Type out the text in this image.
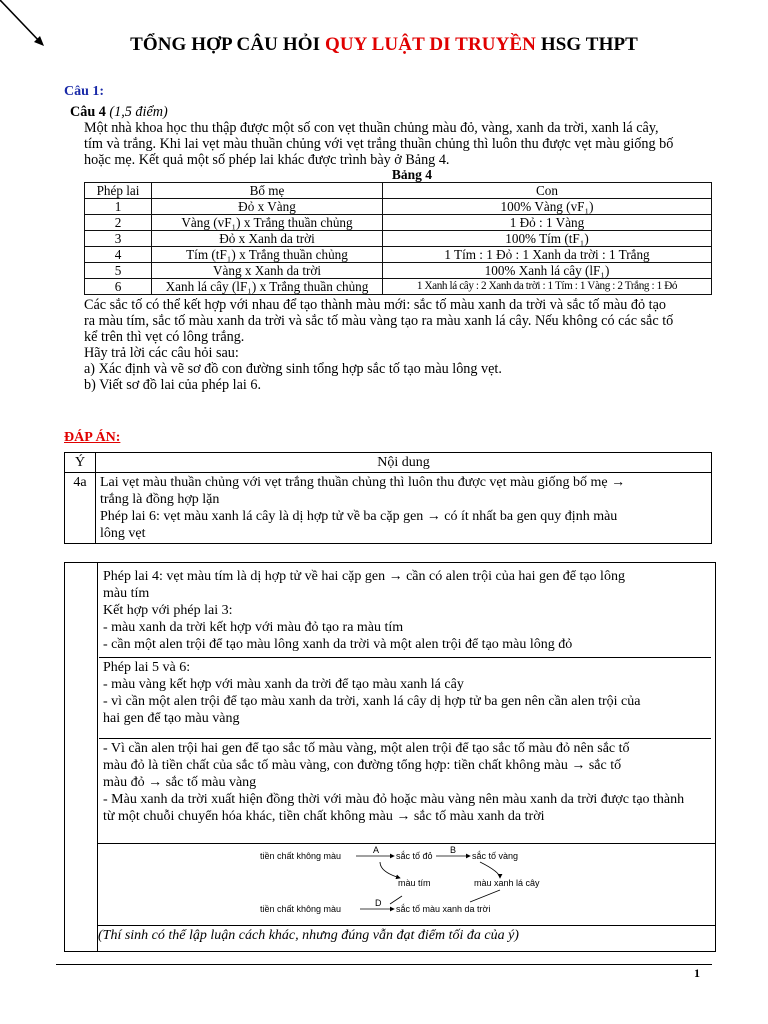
TỔNG HỢP CÂU HỎI QUY LUẬT DI TRUYỀN HSG THPT
Câu 1:
Câu 4 (1,5 điểm)
Một nhà khoa học thu thập được một số con vẹt thuần chủng màu đỏ, vàng, xanh da trời, xanh lá cây,
tím và trắng. Khi lai vẹt màu thuần chủng với vẹt trắng thuần chủng thì luôn thu được vẹt màu giống bố
hoặc mẹ. Kết quả một số phép lai khác được trình bày ở Bảng 4.
Bảng 4
Phép lai	Bố mẹ	Con
1	Đỏ x Vàng	100% Vàng (vF₁)
2	Vàng (vF₁) x Trắng thuần chủng	1 Đỏ : 1 Vàng
3	Đỏ x Xanh da trời	100% Tím (tF₁)
4	Tím (tF₁) x Trắng thuần chủng	1 Tím : 1 Đỏ : 1 Xanh da trời : 1 Trắng
5	Vàng x Xanh da trời	100% Xanh lá cây (lF₁)
6	Xanh lá cây (lF₁) x Trắng thuần chủng	1 Xanh lá cây : 2 Xanh da trời : 1 Tím : 1 Vàng : 2 Trắng : 1 Đỏ
Các sắc tố có thể kết hợp với nhau để tạo thành màu mới: sắc tố màu xanh da trời và sắc tố màu đỏ tạo
ra màu tím, sắc tố màu xanh da trời và sắc tố màu vàng tạo ra màu xanh lá cây. Nếu không có các sắc tố
kể trên thì vẹt có lông trắng.
Hãy trả lời các câu hỏi sau:
a) Xác định và vẽ sơ đồ con đường sinh tổng hợp sắc tố tạo màu lông vẹt.
b) Viết sơ đồ lai của phép lai 6.
ĐÁP ÁN:
Ý	Nội dung
4a	Lai vẹt màu thuần chủng với vẹt trắng thuần chủng thì luôn thu được vẹt màu giống bố mẹ →
trắng là đồng hợp lặn
Phép lai 6: vẹt màu xanh lá cây là dị hợp tử về ba cặp gen → có ít nhất ba gen quy định màu
lông vẹt
Phép lai 4: vẹt màu tím là dị hợp tử về hai cặp gen → cần có alen trội của hai gen để tạo lông
màu tím
Kết hợp với phép lai 3:
- màu xanh da trời kết hợp với màu đỏ tạo ra màu tím
- cần một alen trội để tạo màu lông xanh da trời và một alen trội để tạo màu lông đỏ
Phép lai 5 và 6:
- màu vàng kết hợp với màu xanh da trời để tạo màu xanh lá cây
- vì cần một alen trội để tạo màu xanh da trời, xanh lá cây dị hợp tử ba gen nên cần alen trội của
hai gen để tạo màu vàng
- Vì cần alen trội hai gen để tạo sắc tố màu vàng, một alen trội để tạo sắc tố màu đỏ nên sắc tố
màu đỏ là tiền chất của sắc tố màu vàng, con đường tổng hợp: tiền chất không màu → sắc tố
màu đỏ → sắc tố màu vàng
- Màu xanh da trời xuất hiện đồng thời với màu đỏ hoặc màu vàng nên màu xanh da trời được tạo thành
từ một chuỗi chuyển hóa khác, tiền chất không màu → sắc tố màu xanh da trời
tiền chất không màu
A
sắc tố đỏ
B
sắc tố vàng
màu tím	màu xanh lá cây
tiền chất không màu
D
sắc tố màu xanh da trời
(Thí sinh có thể lập luận cách khác, nhưng đúng vẫn đạt điểm tối đa của ý)
1
